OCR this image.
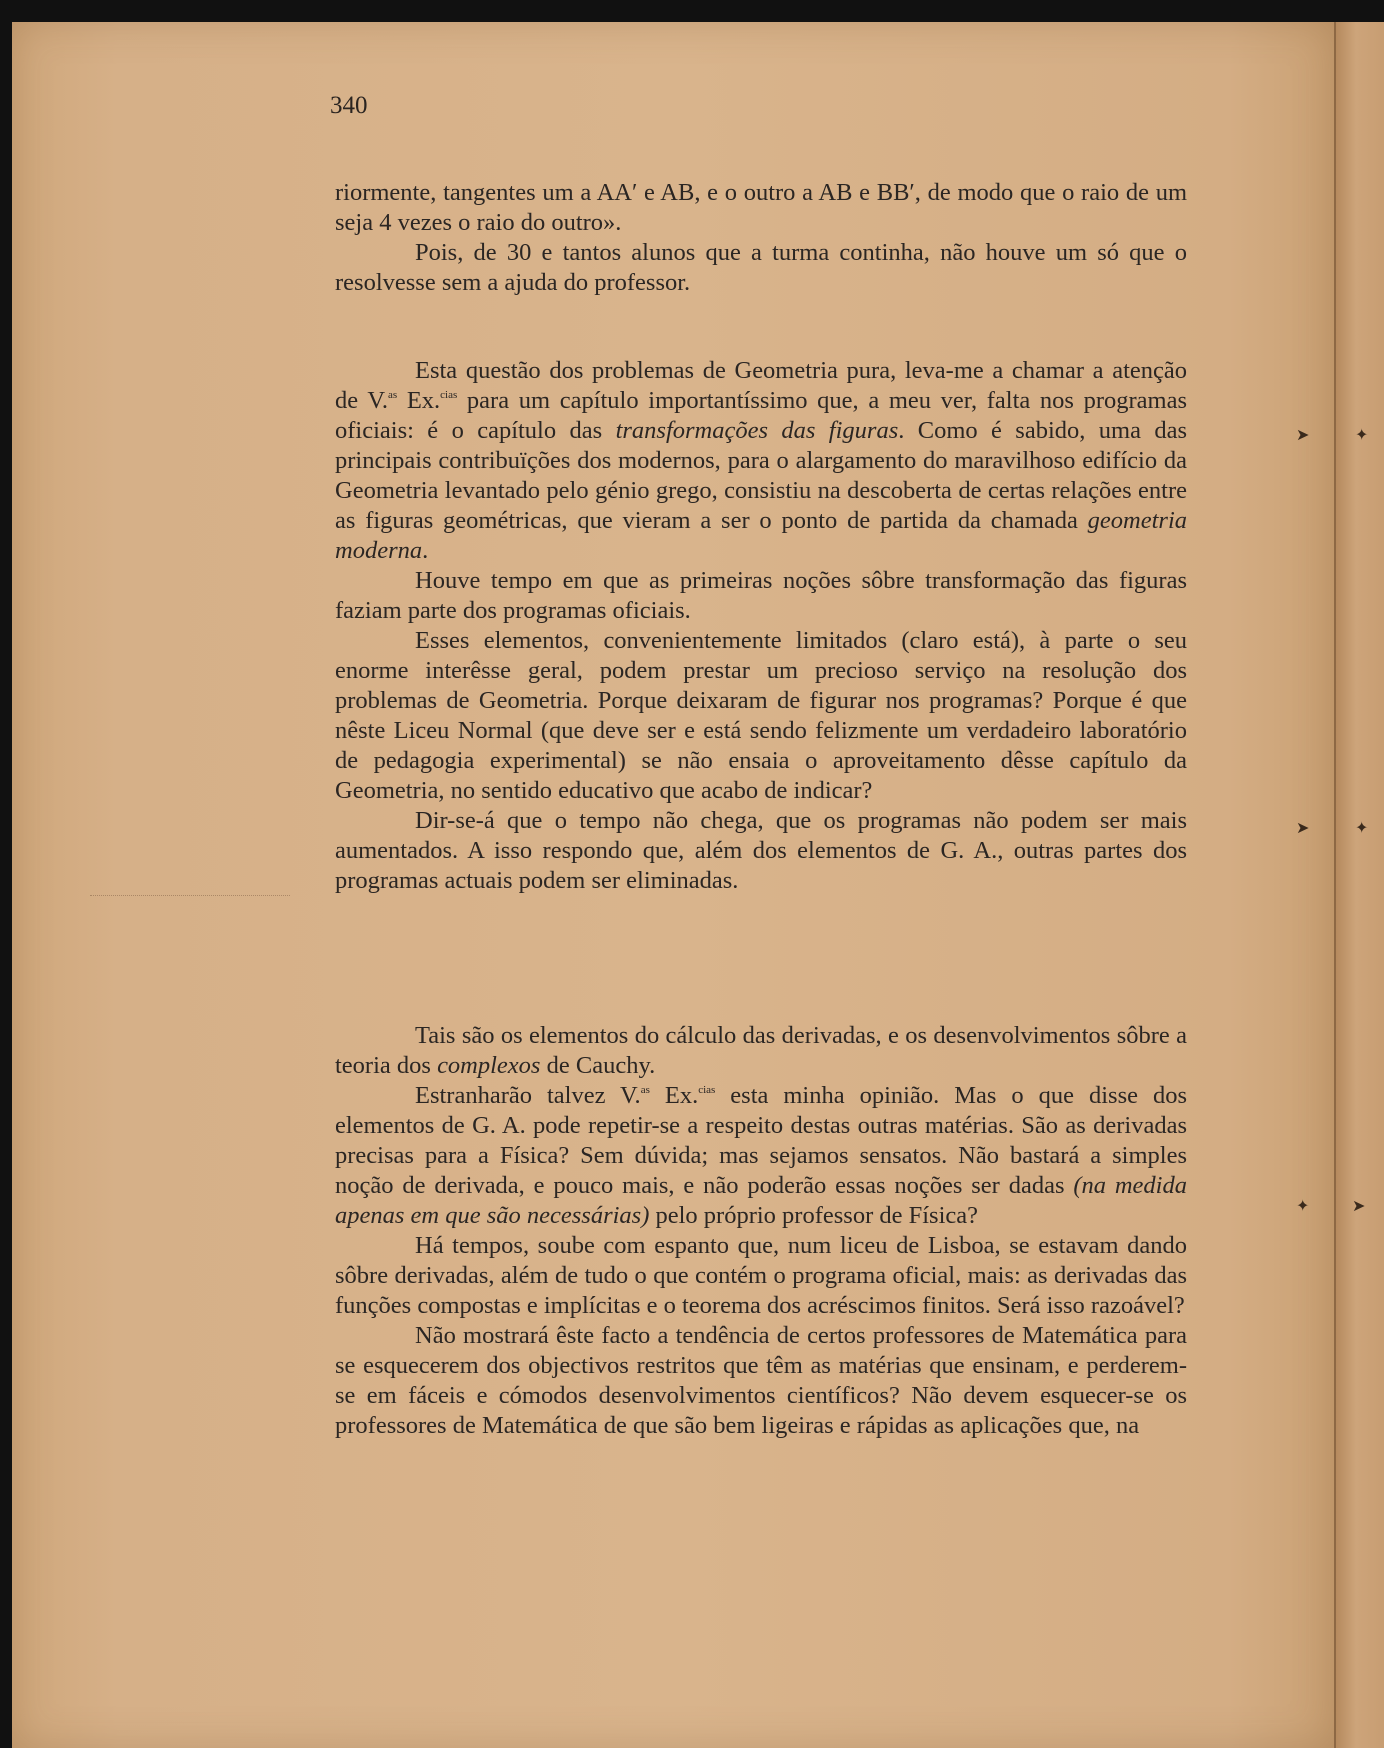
340

riormente, tangentes um a AA′ e AB, e o outro a AB e BB′, de modo que o raio de um seja 4 vezes o raio do outro».

Pois, de 30 e tantos alunos que a turma continha, não houve um só que o resolvesse sem a ajuda do professor.

Esta questão dos problemas de Geometria pura, leva-me a chamar a atenção de V.$^{as}$ Ex.$^{cias}$ para um capítulo importantíssimo que, a meu ver, falta nos programas oficiais: é o capítulo das transformações das figuras. Como é sabido, uma das principais contribuïções dos modernos, para o alargamento do maravilhoso edifício da Geometria levantado pelo génio grego, consistiu na descoberta de certas relações entre as figuras geométricas, que vieram a ser o ponto de partida da chamada geometria moderna.

Houve tempo em que as primeiras noções sôbre transformação das figuras faziam parte dos programas oficiais.

Esses elementos, convenientemente limitados (claro está), à parte o seu enorme interêsse geral, podem prestar um precioso serviço na resolução dos problemas de Geometria. Porque deixaram de figurar nos programas? Porque é que nêste Liceu Normal (que deve ser e está sendo felizmente um verdadeiro laboratório de pedagogia experimental) se não ensaia o aproveitamento dêsse capítulo da Geometria, no sentido educativo que acabo de indicar?

Dir-se-á que o tempo não chega, que os programas não podem ser mais aumentados. A isso respondo que, além dos elementos de G. A., outras partes dos programas actuais podem ser eliminadas.

Tais são os elementos do cálculo das derivadas, e os desenvolvimentos sôbre a teoria dos complexos de Cauchy.

Estranharão talvez V.$^{as}$ Ex.$^{cias}$ esta minha opinião. Mas o que disse dos elementos de G. A. pode repetir-se a respeito destas outras matérias. São as derivadas precisas para a Física? Sem dúvida; mas sejamos sensatos. Não bastará a simples noção de derivada, e pouco mais, e não poderão essas noções ser dadas (na medida apenas em que são necessárias) pelo próprio professor de Física?

Há tempos, soube com espanto que, num liceu de Lisboa, se estavam dando sôbre derivadas, além de tudo o que contém o programa oficial, mais: as derivadas das funções compostas e implícitas e o teorema dos acréscimos finitos. Será isso razoável?

Não mostrará êste facto a tendência de certos professores de Matemática para se esquecerem dos objectivos restritos que têm as matérias que ensinam, e perderem-se em fáceis e cómodos desenvolvimentos científicos? Não devem esquecer-se os professores de Matemática de que são bem ligeiras e rápidas as aplicações que, na

➤	✦
➤	✦
✦	➤
